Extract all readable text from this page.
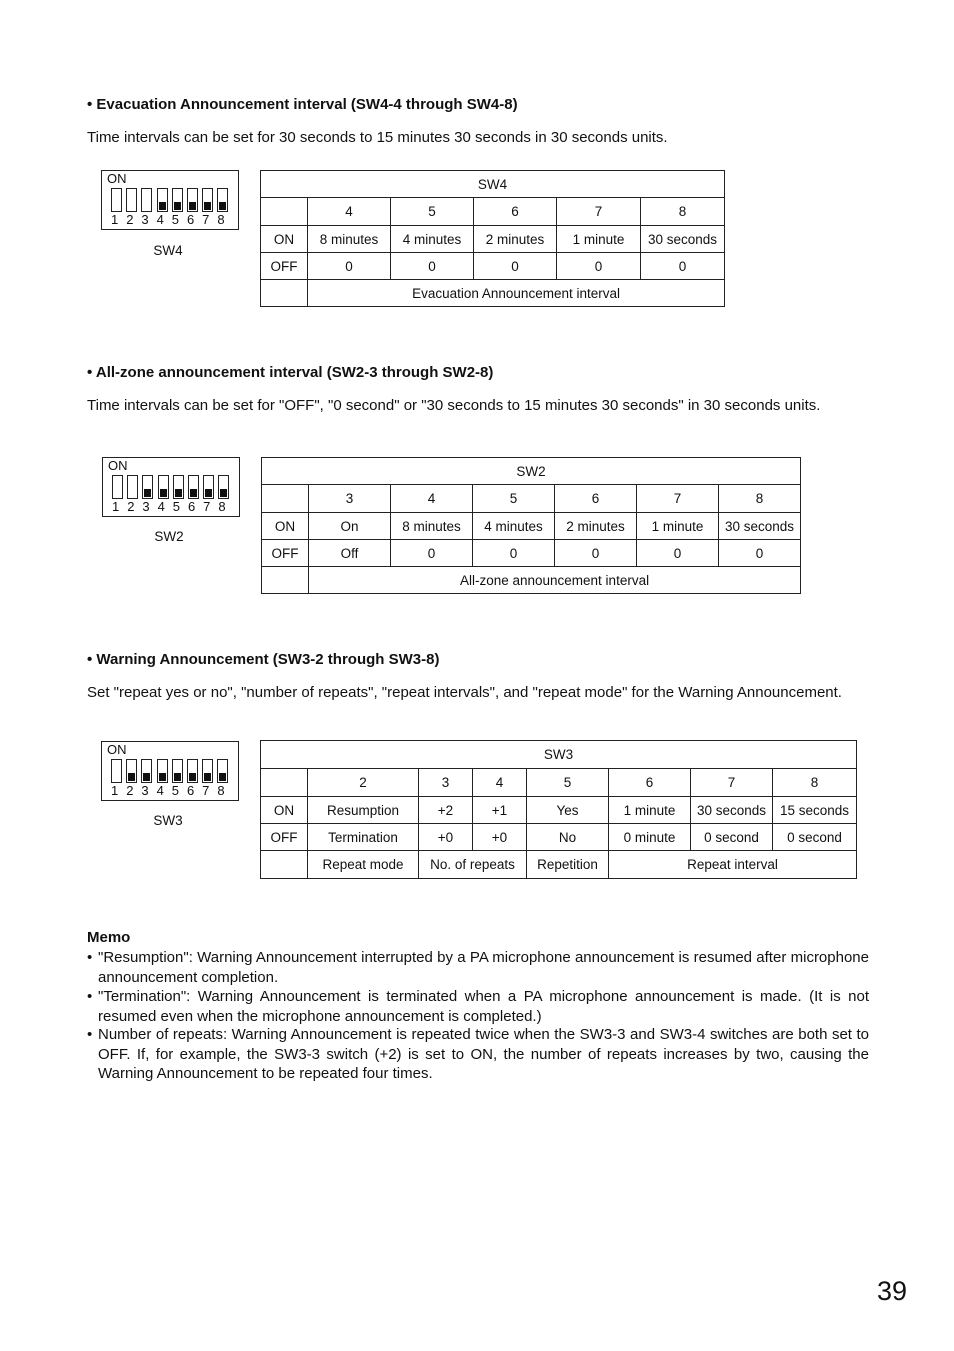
• Evacuation Announcement interval (SW4-4 through SW4-8)
Time intervals can be set for 30 seconds to 15 minutes 30 seconds in 30 seconds units.
ON
1 2 3 4 5 6 7 8
SW4
SW4					
	4	5	6	7	8
ON	8 minutes	4 minutes	2 minutes	1 minute	30 seconds
OFF	0	0	0	0	0
	Evacuation Announcement interval				
• All-zone announcement interval (SW2-3 through SW2-8)
Time intervals can be set for "OFF", "0 second" or "30 seconds to 15 minutes 30 seconds" in 30 seconds units.
ON
1 2 3 4 5 6 7 8
SW2
SW2						
	3	4	5	6	7	8
ON	On	8 minutes	4 minutes	2 minutes	1 minute	30 seconds
OFF	Off	0	0	0	0	0
	All-zone announcement interval					
• Warning Announcement (SW3-2 through SW3-8)
Set "repeat yes or no", "number of repeats", "repeat intervals", and "repeat mode" for the Warning Announcement.
ON
1 2 3 4 5 6 7 8
SW3
SW3							
	2	3	4	5	6	7	8
ON	Resumption	+2	+1	Yes	1 minute	30 seconds	15 seconds
OFF	Termination	+0	+0	No	0 minute	0 second	0 second
	Repeat mode	No. of repeats		Repetition	Repeat interval		
Memo
• "Resumption": Warning Announcement interrupted by a PA microphone announcement is resumed after microphone announcement completion.
• "Termination": Warning Announcement is terminated when a PA microphone announcement is made. (It is not resumed even when the microphone announcement is completed.)
• Number of repeats: Warning Announcement is repeated twice when the SW3-3 and SW3-4 switches are both set to OFF. If, for example, the SW3-3 switch (+2) is set to ON, the number of repeats increases by two, causing the Warning Announcement to be repeated four times.
39
